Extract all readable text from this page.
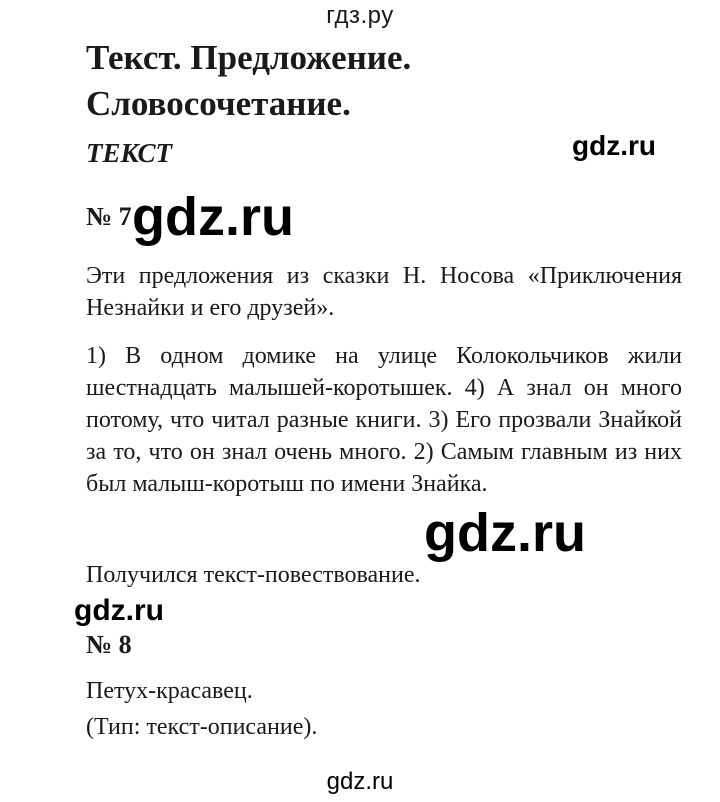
гдз.ру
Текст. Предложение.
Словосочетание.
ТЕКСТ
№ 7
Эти предложения из сказки Н. Носова «Приключения Незнайки и его друзей».
1) В одном домике на улице Колокольчиков жили шестнадцать малышей-коротышек. 4) А знал он много потому, что читал разные книги. 3) Его прозвали Знайкой за то, что он знал очень много. 2) Самым главным из них был малыш-коротыш по имени Знайка.
Получился текст-повествование.
№ 8
Петух-красавец.
(Тип: текст-описание).
gdz.ru
gdz.ru
gdz.ru
gdz.ru
gdz.ru
